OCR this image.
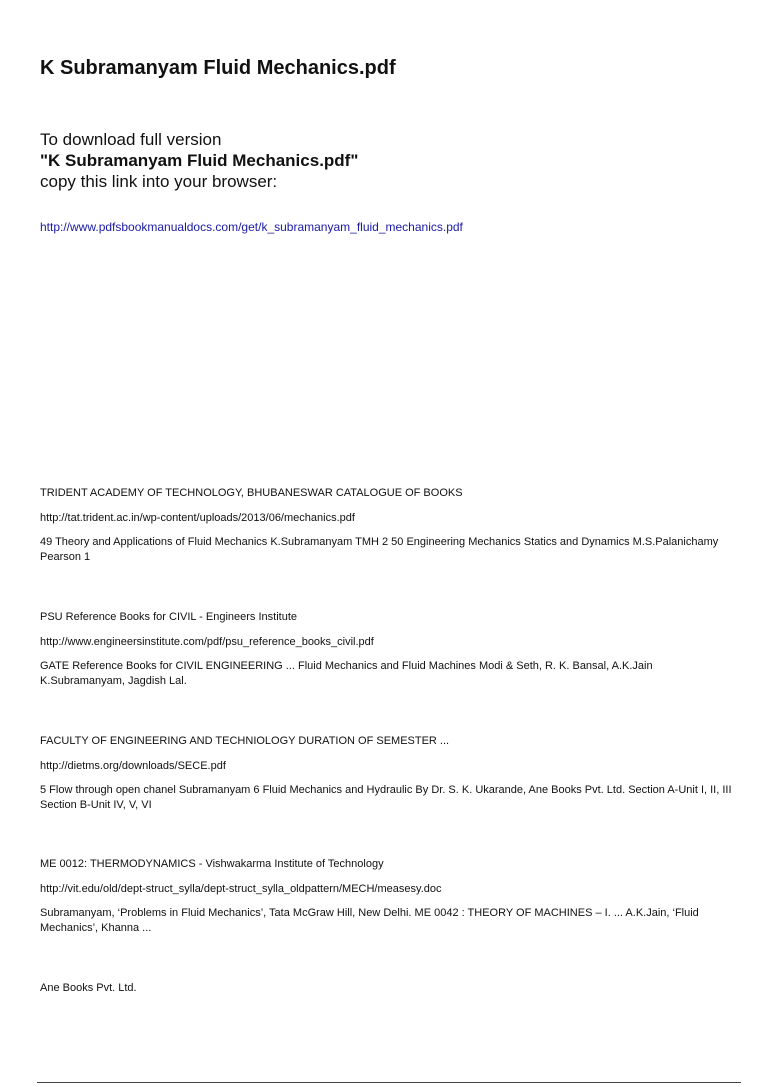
K Subramanyam Fluid Mechanics.pdf
To download full version
"K Subramanyam Fluid Mechanics.pdf"
copy this link into your browser:
http://www.pdfsbookmanualdocs.com/get/k_subramanyam_fluid_mechanics.pdf
TRIDENT ACADEMY OF TECHNOLOGY, BHUBANESWAR CATALOGUE OF BOOKS
http://tat.trident.ac.in/wp-content/uploads/2013/06/mechanics.pdf
49 Theory and Applications of Fluid Mechanics K.Subramanyam TMH 2 50 Engineering Mechanics Statics and Dynamics M.S.Palanichamy Pearson 1
PSU Reference Books for CIVIL - Engineers Institute
http://www.engineersinstitute.com/pdf/psu_reference_books_civil.pdf
GATE Reference Books for CIVIL ENGINEERING ... Fluid Mechanics and Fluid Machines Modi & Seth, R. K. Bansal, A.K.Jain K.Subramanyam, Jagdish Lal.
FACULTY OF ENGINEERING AND TECHNIOLOGY DURATION OF SEMESTER ...
http://dietms.org/downloads/SECE.pdf
5 Flow through open chanel Subramanyam 6 Fluid Mechanics and Hydraulic By Dr. S. K. Ukarande, Ane Books Pvt. Ltd. Section A-Unit I, II, III Section B-Unit IV, V, VI
ME 0012: THERMODYNAMICS - Vishwakarma Institute of Technology
http://vit.edu/old/dept-struct_sylla/dept-struct_sylla_oldpattern/MECH/measesy.doc
Subramanyam, ‘Problems in Fluid Mechanics’, Tata McGraw Hill, New Delhi. ME 0042 : THEORY OF MACHINES – I. ... A.K.Jain, ‘Fluid Mechanics’, Khanna ...
Ane Books Pvt. Ltd.
